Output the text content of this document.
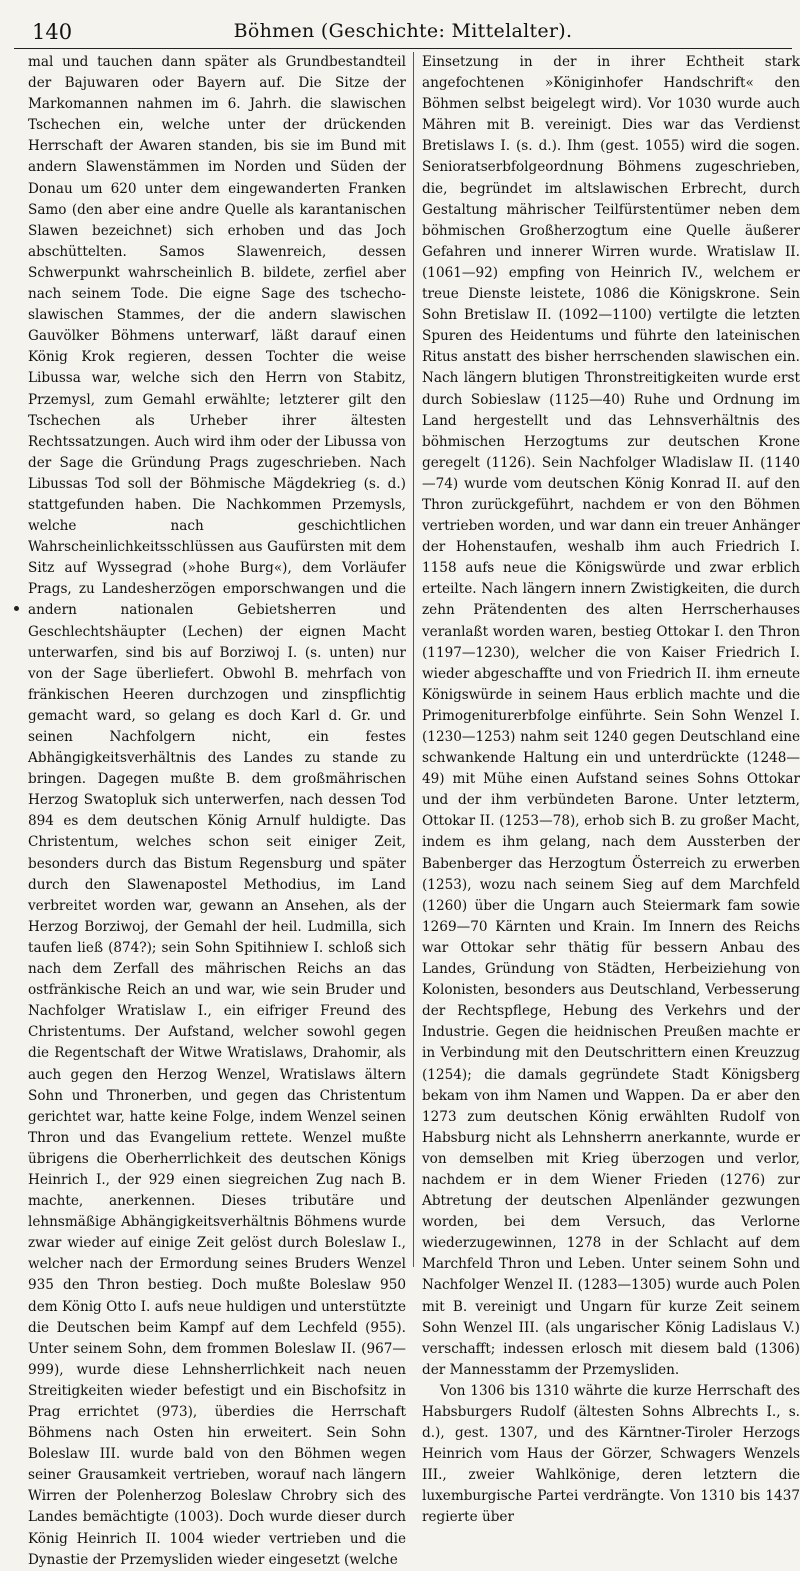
140	Böhmen (Geschichte: Mittelalter).

mal und tauchen dann später als Grundbestandteil der Bajuwaren oder Bayern auf. Die Sitze der Markomannen nahmen im 6. Jahrh. die slawischen Tschechen ein, welche unter der drückenden Herrschaft der Awaren standen, bis sie im Bund mit andern Slawenstämmen im Norden und Süden der Donau um 620 unter dem eingewanderten Franken Samo (den aber eine andre Quelle als karantanischen Slawen bezeichnet) sich erhoben und das Joch abschüttelten. Samos Slawenreich, dessen Schwerpunkt wahrscheinlich B. bildete, zerfiel aber nach seinem Tode. Die eigne Sage des tschecho-slawischen Stammes, der die andern slawischen Gauvölker Böhmens unterwarf, läßt darauf einen König Krok regieren, dessen Tochter die weise Libussa war, welche sich den Herrn von Stabitz, Przemysl, zum Gemahl erwählte; letzterer gilt den Tschechen als Urheber ihrer ältesten Rechtssatzungen. Auch wird ihm oder der Libussa von der Sage die Gründung Prags zugeschrieben. Nach Libussas Tod soll der Böhmische Mägdekrieg (s. d.) stattgefunden haben. Die Nachkommen Przemysls, welche nach geschichtlichen Wahrscheinlichkeitsschlüssen aus Gaufürsten mit dem Sitz auf Wyssegrad (»hohe Burg«), dem Vorläufer Prags, zu Landesherzögen emporschwangen und die andern nationalen Gebietsherren und Geschlechtshäupter (Lechen) der eignen Macht unterwarfen, sind bis auf Borziwoj I. (s. unten) nur von der Sage überliefert. Obwohl B. mehrfach von fränkischen Heeren durchzogen und zinspflichtig gemacht ward, so gelang es doch Karl d. Gr. und seinen Nachfolgern nicht, ein festes Abhängigkeitsverhältnis des Landes zu stande zu bringen. Dagegen mußte B. dem großmährischen Herzog Swatopluk sich unterwerfen, nach dessen Tod 894 es dem deutschen König Arnulf huldigte. Das Christentum, welches schon seit einiger Zeit, besonders durch das Bistum Regensburg und später durch den Slawenapostel Methodius, im Land verbreitet worden war, gewann an Ansehen, als der Herzog Borziwoj, der Gemahl der heil. Ludmilla, sich taufen ließ (874?); sein Sohn Spitihniew I. schloß sich nach dem Zerfall des mährischen Reichs an das ostfränkische Reich an und war, wie sein Bruder und Nachfolger Wratislaw I., ein eifriger Freund des Christentums. Der Aufstand, welcher sowohl gegen die Regentschaft der Witwe Wratislaws, Drahomir, als auch gegen den Herzog Wenzel, Wratislaws ältern Sohn und Thronerben, und gegen das Christentum gerichtet war, hatte keine Folge, indem Wenzel seinen Thron und das Evangelium rettete. Wenzel mußte übrigens die Oberherrlichkeit des deutschen Königs Heinrich I., der 929 einen siegreichen Zug nach B. machte, anerkennen. Dieses tributäre und lehnsmäßige Abhängigkeitsverhältnis Böhmens wurde zwar wieder auf einige Zeit gelöst durch Boleslaw I., welcher nach der Ermordung seines Bruders Wenzel 935 den Thron bestieg. Doch mußte Boleslaw 950 dem König Otto I. aufs neue huldigen und unterstützte die Deutschen beim Kampf auf dem Lechfeld (955). Unter seinem Sohn, dem frommen Boleslaw II. (967—999), wurde diese Lehnsherrlichkeit nach neuen Streitigkeiten wieder befestigt und ein Bischofsitz in Prag errichtet (973), überdies die Herrschaft Böhmens nach Osten hin erweitert. Sein Sohn Boleslaw III. wurde bald von den Böhmen wegen seiner Grausamkeit vertrieben, worauf nach längern Wirren der Polenherzog Boleslaw Chrobry sich des Landes bemächtigte (1003). Doch wurde dieser durch König Heinrich II. 1004 wieder vertrieben und die Dynastie der Przemysliden wieder eingesetzt (welche

Einsetzung in der in ihrer Echtheit stark angefochtenen »Königinhofer Handschrift« den Böhmen selbst beigelegt wird). Vor 1030 wurde auch Mähren mit B. vereinigt. Dies war das Verdienst Bretislaws I. (s. d.). Ihm (gest. 1055) wird die sogen. Senioratserbfolgeordnung Böhmens zugeschrieben, die, begründet im altslawischen Erbrecht, durch Gestaltung mährischer Teilfürstentümer neben dem böhmischen Großherzogtum eine Quelle äußerer Gefahren und innerer Wirren wurde. Wratislaw II. (1061—92) empfing von Heinrich IV., welchem er treue Dienste leistete, 1086 die Königskrone. Sein Sohn Bretislaw II. (1092—1100) vertilgte die letzten Spuren des Heidentums und führte den lateinischen Ritus anstatt des bisher herrschenden slawischen ein. Nach längern blutigen Thronstreitigkeiten wurde erst durch Sobieslaw (1125—40) Ruhe und Ordnung im Land hergestellt und das Lehnsverhältnis des böhmischen Herzogtums zur deutschen Krone geregelt (1126). Sein Nachfolger Wladislaw II. (1140—74) wurde vom deutschen König Konrad II. auf den Thron zurückgeführt, nachdem er von den Böhmen vertrieben worden, und war dann ein treuer Anhänger der Hohenstaufen, weshalb ihm auch Friedrich I. 1158 aufs neue die Königswürde und zwar erblich erteilte. Nach längern innern Zwistigkeiten, die durch zehn Prätendenten des alten Herrscherhauses veranlaßt worden waren, bestieg Ottokar I. den Thron (1197—1230), welcher die von Kaiser Friedrich I. wieder abgeschaffte und von Friedrich II. ihm erneute Königswürde in seinem Haus erblich machte und die Primogeniturerbfolge einführte. Sein Sohn Wenzel I. (1230—1253) nahm seit 1240 gegen Deutschland eine schwankende Haltung ein und unterdrückte (1248—49) mit Mühe einen Aufstand seines Sohns Ottokar und der ihm verbündeten Barone. Unter letzterm, Ottokar II. (1253—78), erhob sich B. zu großer Macht, indem es ihm gelang, nach dem Aussterben der Babenberger das Herzogtum Österreich zu erwerben (1253), wozu nach seinem Sieg auf dem Marchfeld (1260) über die Ungarn auch Steiermark fam sowie 1269—70 Kärnten und Krain. Im Innern des Reichs war Ottokar sehr thätig für bessern Anbau des Landes, Gründung von Städten, Herbeiziehung von Kolonisten, besonders aus Deutschland, Verbesserung der Rechtspflege, Hebung des Verkehrs und der Industrie. Gegen die heidnischen Preußen machte er in Verbindung mit den Deutschrittern einen Kreuzzug (1254); die damals gegründete Stadt Königsberg bekam von ihm Namen und Wappen. Da er aber den 1273 zum deutschen König erwählten Rudolf von Habsburg nicht als Lehnsherrn anerkannte, wurde er von demselben mit Krieg überzogen und verlor, nachdem er in dem Wiener Frieden (1276) zur Abtretung der deutschen Alpenländer gezwungen worden, bei dem Versuch, das Verlorne wiederzugewinnen, 1278 in der Schlacht auf dem Marchfeld Thron und Leben. Unter seinem Sohn und Nachfolger Wenzel II. (1283—1305) wurde auch Polen mit B. vereinigt und Ungarn für kurze Zeit seinem Sohn Wenzel III. (als ungarischer König Ladislaus V.) verschafft; indessen erlosch mit diesem bald (1306) der Mannesstamm der Przemysliden.

Von 1306 bis 1310 währte die kurze Herrschaft des Habsburgers Rudolf (ältesten Sohns Albrechts I., s. d.), gest. 1307, und des Kärntner-Tiroler Herzogs Heinrich vom Haus der Görzer, Schwagers Wenzels III., zweier Wahlkönige, deren letztern die luxemburgische Partei verdrängte. Von 1310 bis 1437 regierte über
